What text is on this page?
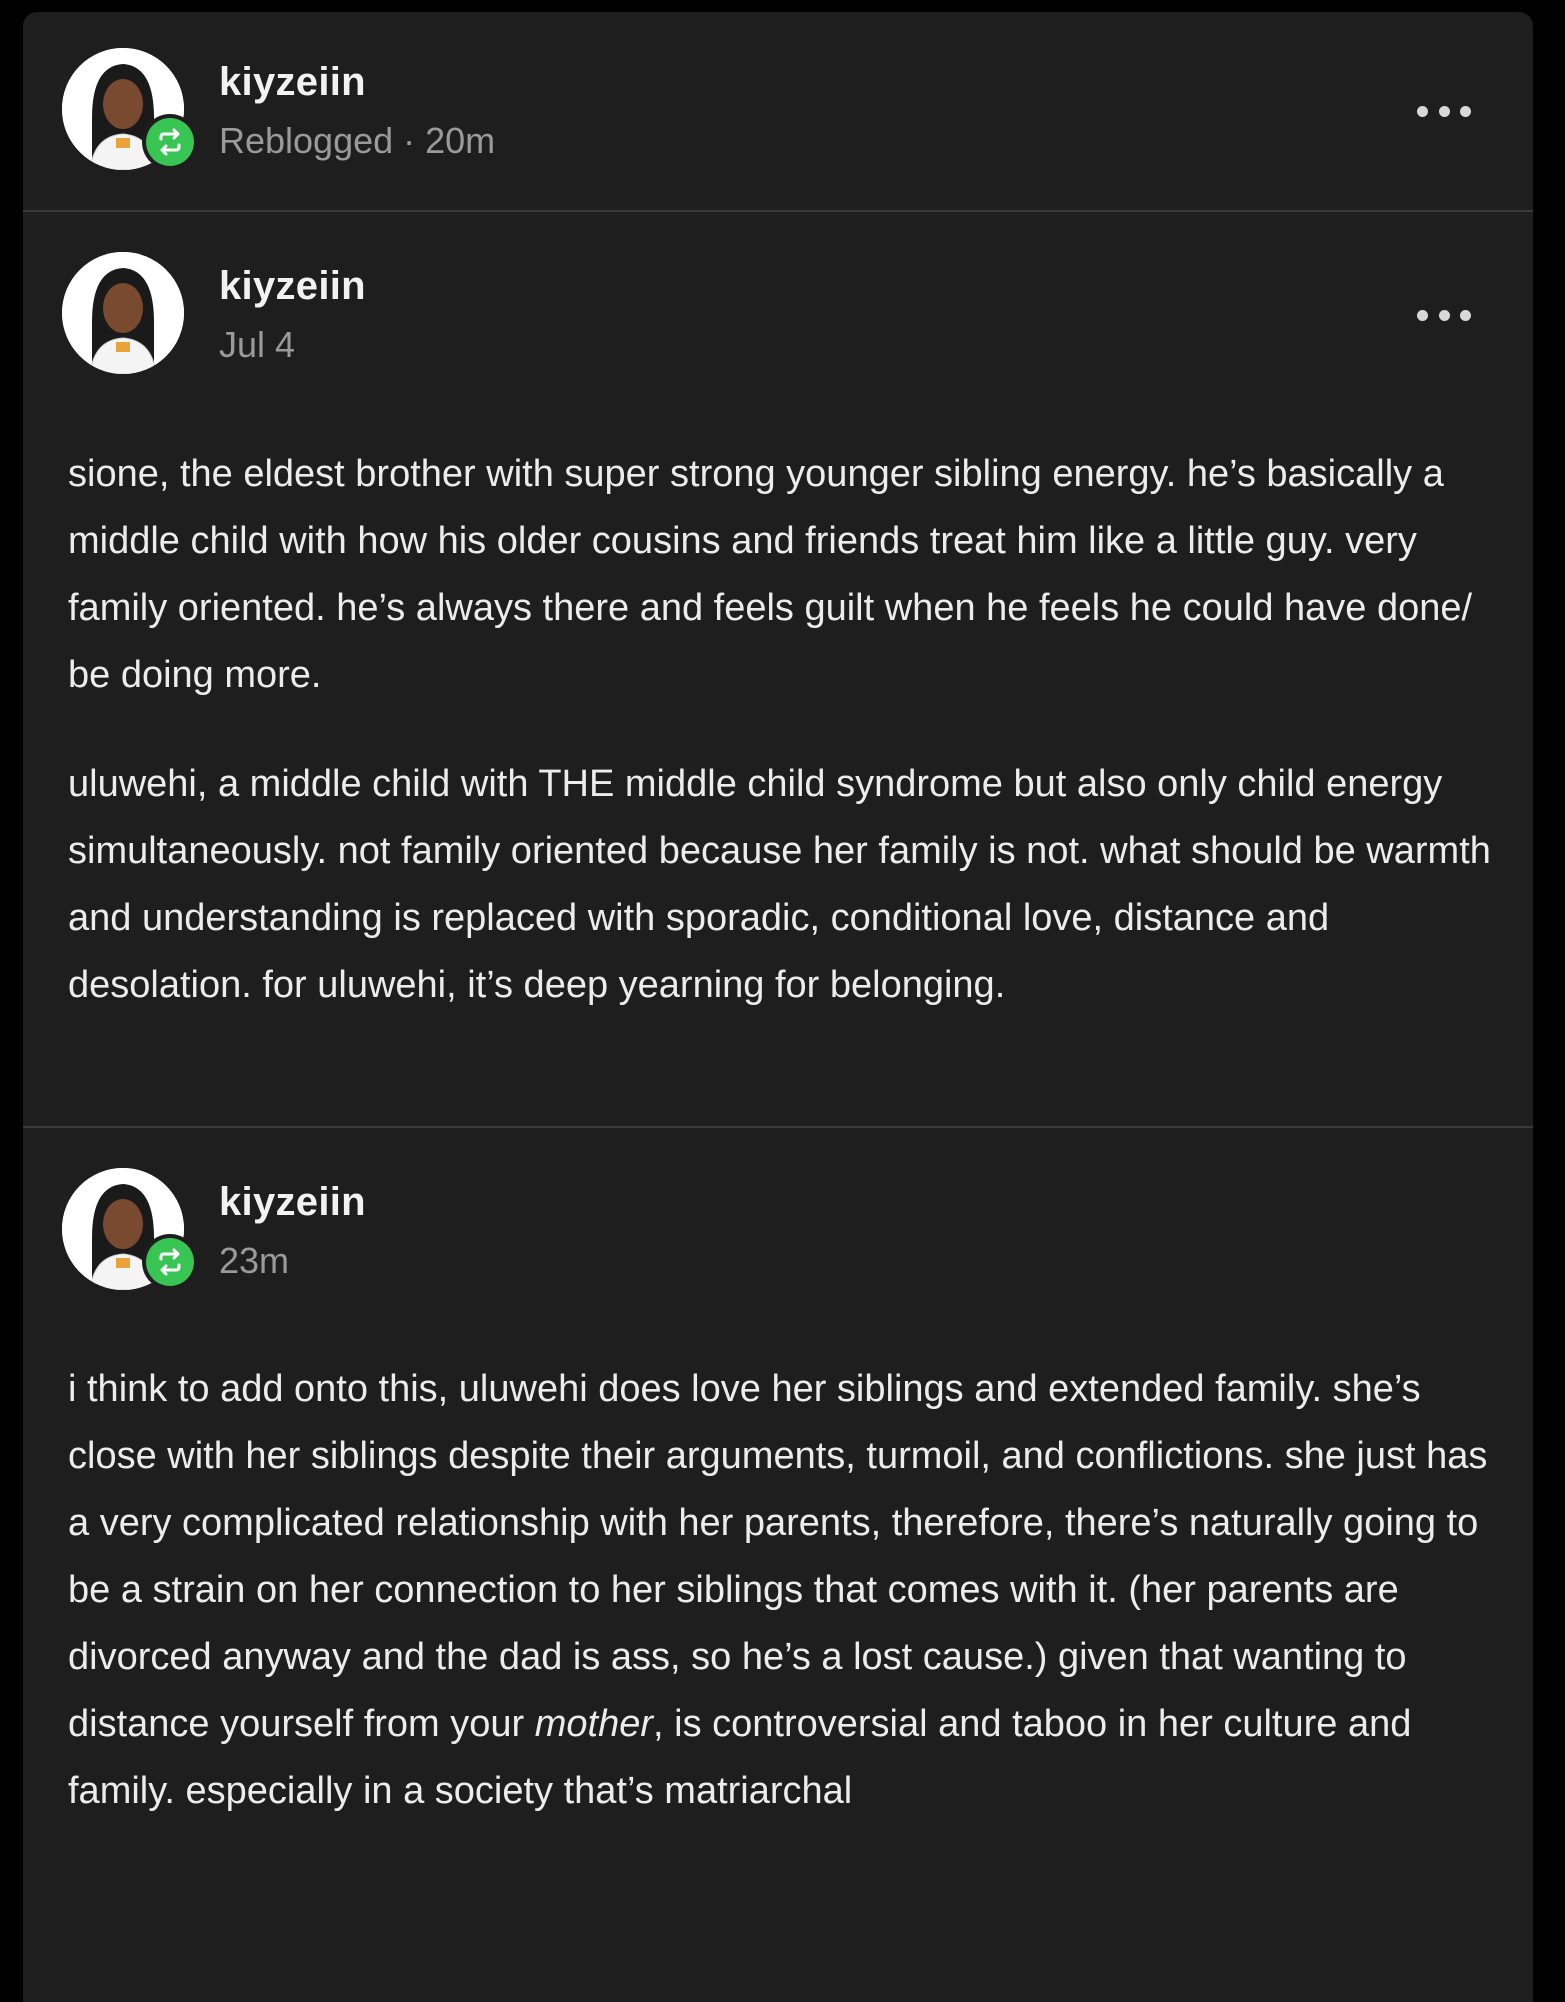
kiyzeiin
Reblogged · 20m
kiyzeiin
Jul 4

sione, the eldest brother with super strong younger sibling energy. he’s basically a middle child with how his older cousins and friends treat him like a little guy. very family oriented. he’s always there and feels guilt when he feels he could have done/ be doing more.

uluwehi, a middle child with THE middle child syndrome but also only child energy simultaneously. not family oriented because her family is not. what should be warmth and understanding is replaced with sporadic, conditional love, distance and desolation. for uluwehi, it’s deep yearning for belonging.

kiyzeiin
23m

i think to add onto this, uluwehi does love her siblings and extended family. she’s close with her siblings despite their arguments, turmoil, and conflictions. she just has a very complicated relationship with her parents, therefore, there’s naturally going to be a strain on her connection to her siblings that comes with it. (her parents are divorced anyway and the dad is ass, so he’s a lost cause.) given that wanting to distance yourself from your mother, is controversial and taboo in her culture and family. especially in a society that’s matriarchal
